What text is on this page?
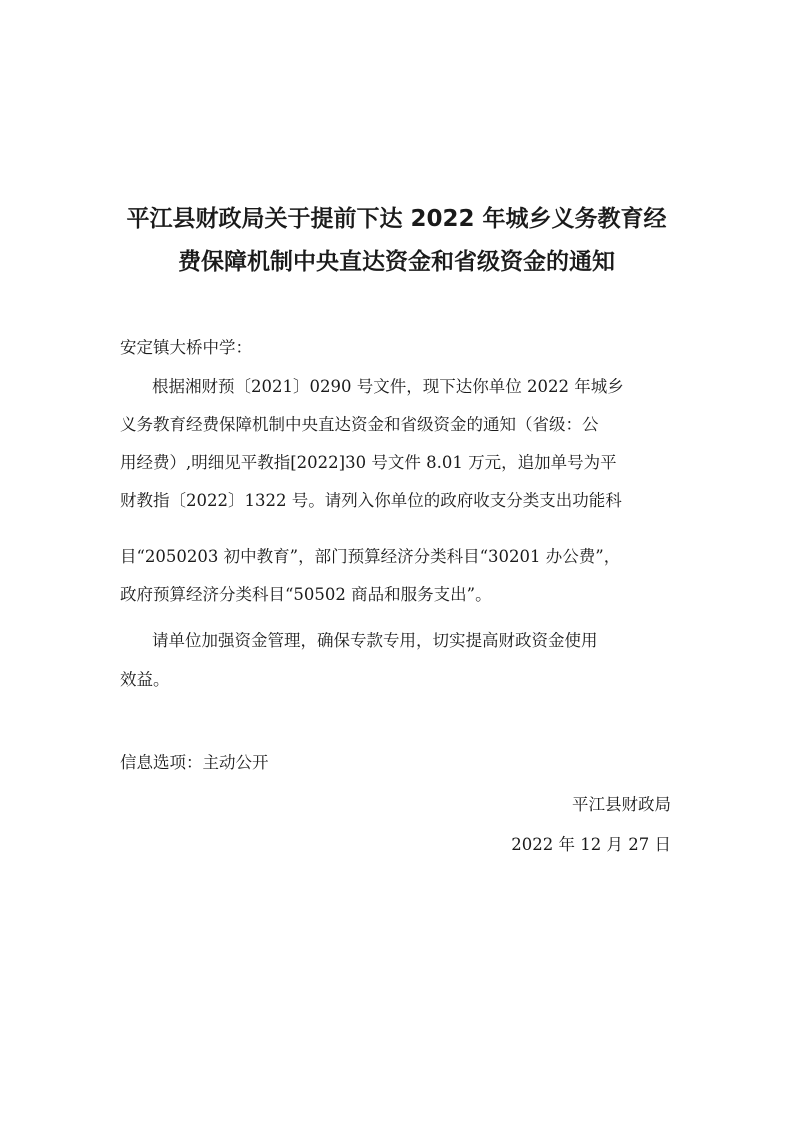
平江县财政局关于提前下达 2022 年城乡义务教育经
费保障机制中央直达资金和省级资金的通知

安定镇大桥中学：

根据湘财预〔2021〕0290 号文件，现下达你单位 2022 年城乡

义务教育经费保障机制中央直达资金和省级资金的通知（省级：公

用经费）,明细见平教指[2022]30 号文件 8.01 万元，追加单号为平

财教指〔2022〕1322 号。请列入你单位的政府收支分类支出功能科

目“2050203 初中教育”，部门预算经济分类科目“30201 办公费”，

政府预算经济分类科目“50502 商品和服务支出”。

请单位加强资金管理，确保专款专用，切实提高财政资金使用

效益。

信息选项：主动公开

平江县财政局

2022 年 12 月 27 日
